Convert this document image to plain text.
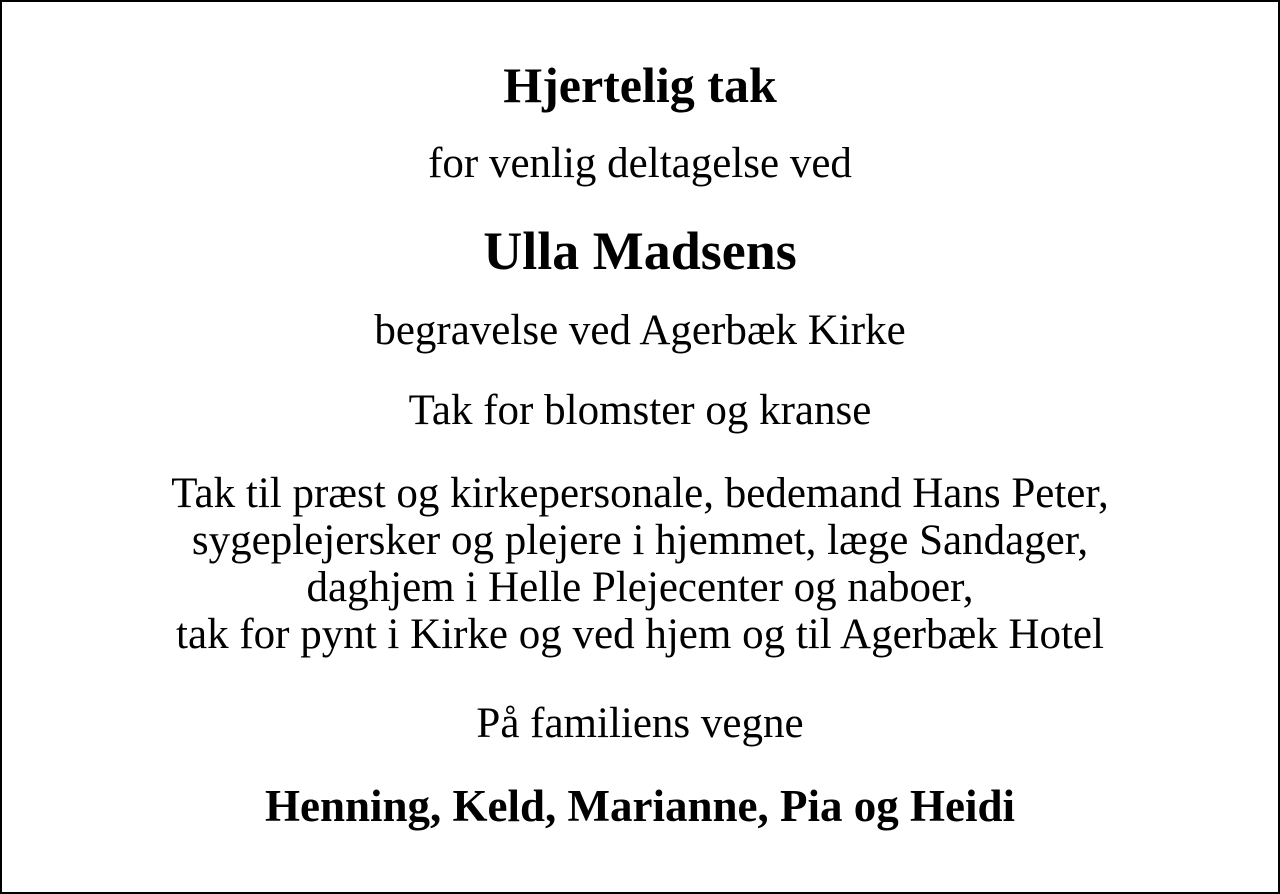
Hjertelig tak

for venlig deltagelse ved

Ulla Madsens

begravelse ved Agerbæk Kirke

Tak for blomster og kranse

Tak til præst og kirkepersonale, bedemand Hans Peter,
sygeplejersker og plejere i hjemmet, læge Sandager,
daghjem i Helle Plejecenter og naboer,
tak for pynt i Kirke og ved hjem og til Agerbæk Hotel

På familiens vegne

Henning, Keld, Marianne, Pia og Heidi
